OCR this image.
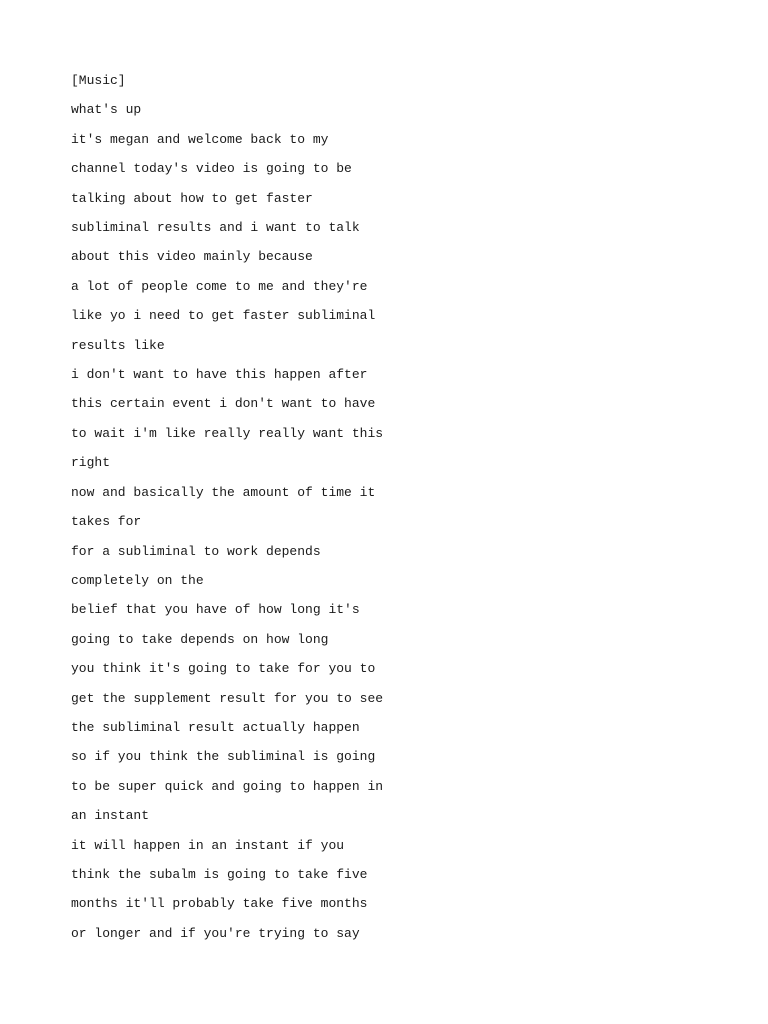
[Music]

what's up

it's megan and welcome back to my

channel today's video is going to be

talking about how to get faster

subliminal results and i want to talk

about this video mainly because

a lot of people come to me and they're

like yo i need to get faster subliminal

results like

i don't want to have this happen after

this certain event i don't want to have

to wait i'm like really really want this

right

now and basically the amount of time it

takes for

for a subliminal to work depends

completely on the

belief that you have of how long it's

going to take depends on how long

you think it's going to take for you to

get the supplement result for you to see

the subliminal result actually happen

so if you think the subliminal is going

to be super quick and going to happen in

an instant

it will happen in an instant if you

think the subalm is going to take five

months it'll probably take five months

or longer and if you're trying to say
